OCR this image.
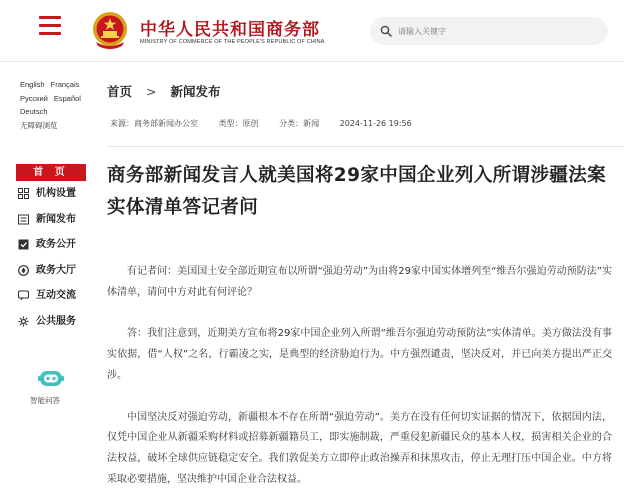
中华人民共和国商务部
MINISTRY OF COMMERCE OF THE PEOPLE'S REPUBLIC OF CHINA
请输入关键字
English Français
Русский Español
Deutsch
无障碍浏览
首 页
机构设置
新闻发布
政务公开
政务大厅
互动交流
公共服务
智能问答
首页 > 新闻发布
来源：商务部新闻办公室	类型：原创	分类：新闻	2024-11-26 19:56
商务部新闻发言人就美国将29家中国企业列入所谓涉疆法案实体清单答记者问

有记者问：美国国土安全部近期宣布以所谓“强迫劳动”为由将29家中国实体增列至“维吾尔强迫劳动预防法”实体清单，请问中方对此有何评论？

答：我们注意到，近期美方宣布将29家中国企业列入所谓“维吾尔强迫劳动预防法”实体清单。美方做法没有事实依据，借“人权”之名，行霸凌之实，是典型的经济胁迫行为。中方强烈谴责，坚决反对，并已向美方提出严正交涉。

中国坚决反对强迫劳动，新疆根本不存在所谓“强迫劳动”。美方在没有任何切实证据的情况下，依据国内法，仅凭中国企业从新疆采购材料或招募新疆籍员工，即实施制裁，严重侵犯新疆民众的基本人权，损害相关企业的合法权益，破坏全球供应链稳定安全。我们敦促美方立即停止政治操弄和抹黑攻击，停止无理打压中国企业。中方将采取必要措施，坚决维护中国企业合法权益。
